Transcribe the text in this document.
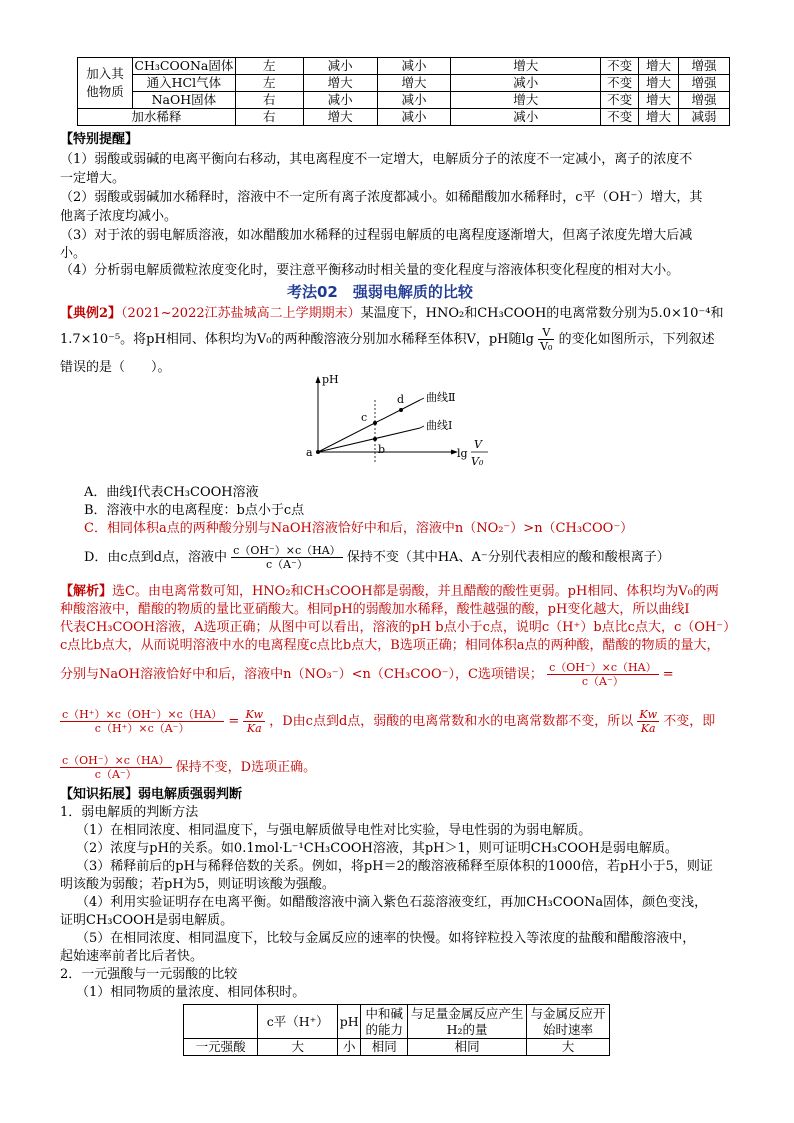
加入其他物质	CH₃COONa固体	左	减小	减小	增大	不变	增大	增强
	通入HCl气体	左	增大	增大	减小	不变	增大	增强
	NaOH固体	右	减小	减小	增大	不变	增大	增强
加水稀释		右	增大	减小	减小	不变	增大	减弱
【特别提醒】
（1）弱酸或弱碱的电离平衡向右移动，其电离程度不一定增大，电解质分子的浓度不一定减小，离子的浓度不
一定增大。
（2）弱酸或弱碱加水稀释时，溶液中不一定所有离子浓度都减小。如稀醋酸加水稀释时，c平（OH⁻）增大，其
他离子浓度均减小。
（3）对于浓的弱电解质溶液，如冰醋酸加水稀释的过程弱电解质的电离程度逐渐增大，但离子浓度先增大后减
小。
（4）分析弱电解质微粒浓度变化时，要注意平衡移动时相关量的变化程度与溶液体积变化程度的相对大小。
考法02　强弱电解质的比较
【典例2】（2021~2022江苏盐城高二上学期期末）某温度下，HNO₂和CH₃COOH的电离常数分别为5.0×10⁻⁴和
1.7×10⁻⁵。将pH相同、体积均为V₀的两种酸溶液分别加水稀释至体积V，pH随$\lg \frac{V}{\text{V₀}}$ 的变化如图所示，下列叙述
错误的是（　　）。
pH
曲线Ⅱ
曲线Ⅰ
a	b
c
d
lg
V
V₀
A．曲线Ⅰ代表CH₃COOH溶液
B．溶液中水的电离程度：b点小于c点
C．相同体积a点的两种酸分别与NaOH溶液恰好中和后，溶液中n（NO₂⁻）>n（CH₃COO⁻）
D．由c点到d点，溶液中 $\frac{c(OH^-)\times c(HA)}{c(A^-)}$ 保持不变（其中HA、A⁻分别代表相应的酸和酸根离子）
【解析】选C。由电离常数可知，HNO₂和CH₃COOH都是弱酸，并且醋酸的酸性更弱。pH相同、体积均为V₀的两
种酸溶液中，醋酸的物质的量比亚硝酸大。相同pH的弱酸加水稀释，酸性越强的酸，pH变化越大，所以曲线Ⅰ
代表CH₃COOH溶液，A选项正确；从图中可以看出，溶液的pH b点小于c点，说明c（H⁺）b点比c点大，c（OH⁻）
c点比b点大，从而说明溶液中水的电离程度c点比b点大，B选项正确；相同体积a点的两种酸，醋酸的物质的量大，
分别与NaOH溶液恰好中和后，溶液中n（NO₃⁻）<n（CH₃COO⁻），C选项错误； $\frac{c(OH^-)\times c(HA)}{c(A^-)}$ =
$\frac{c(H^+)\times c(OH^-)\times c(HA)}{c(H^+)\times c(A^-)} = \frac{Kw}{Ka}$ ，D由c点到d点，弱酸的电离常数和水的电离常数都不变，所以 $\frac{Kw}{Ka}$ 不变，即
$\frac{c(OH^-)\times c(HA)}{c(A^-)}$ 保持不变，D选项正确。
【知识拓展】弱电解质强弱判断
1．弱电解质的判断方法
（1）在相同浓度、相同温度下，与强电解质做导电性对比实验，导电性弱的为弱电解质。
（2）浓度与pH的关系。如0.1mol·L⁻¹CH₃COOH溶液，其pH＞1，则可证明CH₃COOH是弱电解质。
（3）稀释前后的pH与稀释倍数的关系。例如，将pH＝2的酸溶液稀释至原体积的1000倍，若pH小于5，则证
明该酸为弱酸；若pH为5，则证明该酸为强酸。
（4）利用实验证明存在电离平衡。如醋酸溶液中滴入紫色石蕊溶液变红，再加CH₃COONa固体，颜色变浅，
证明CH₃COOH是弱电解质。
（5）在相同浓度、相同温度下，比较与金属反应的速率的快慢。如将锌粒投入等浓度的盐酸和醋酸溶液中，
起始速率前者比后者快。
2．一元强酸与一元弱酸的比较
（1）相同物质的量浓度、相同体积时。
	c平（H⁺）	pH	中和碱的能力	与足量金属反应产生H₂的量	与金属反应开始时速率
一元强酸	大	小	相同	相同	大
